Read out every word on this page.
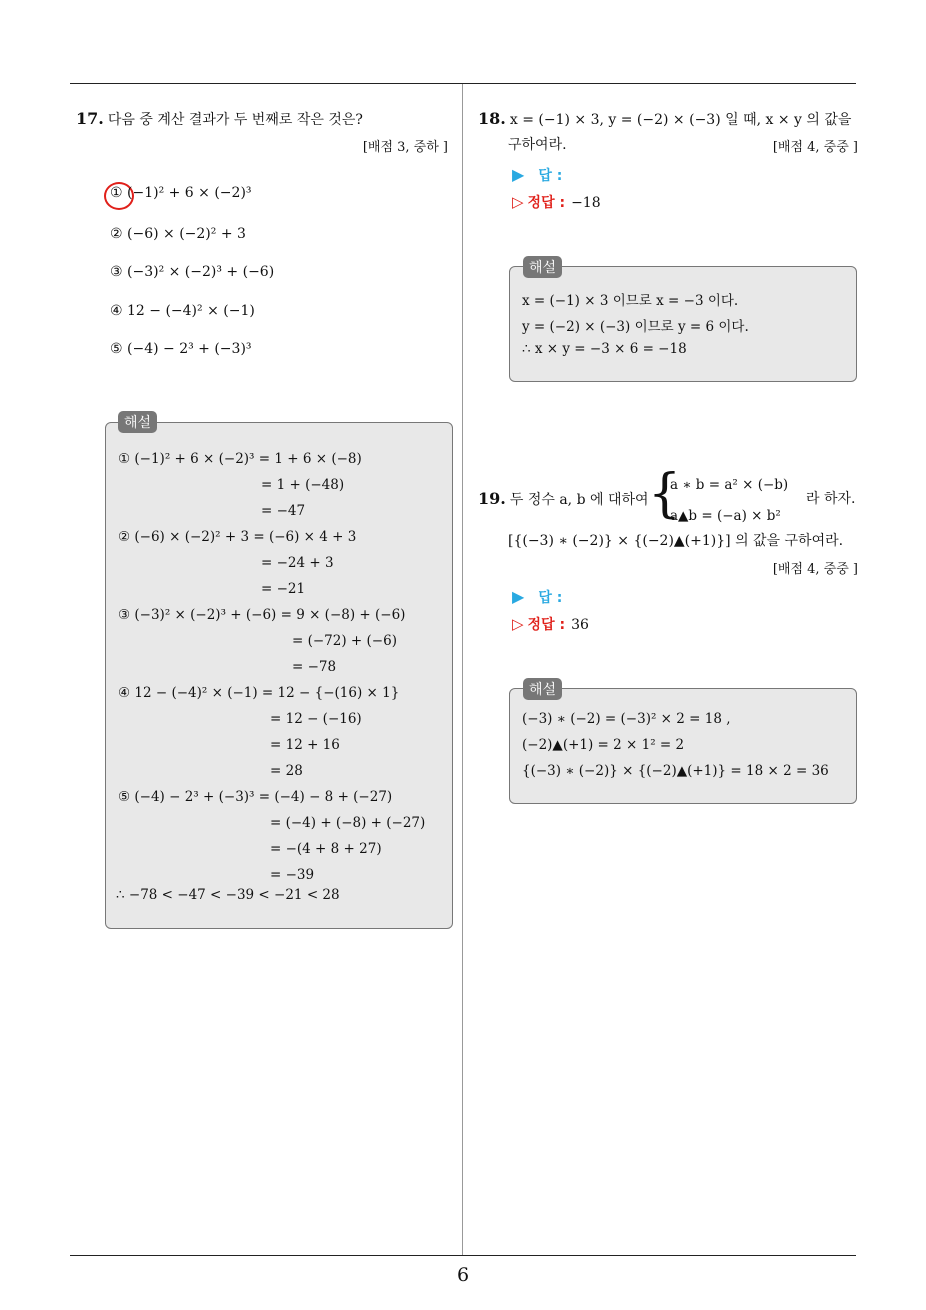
6
17. 다음 중 계산 결과가 두 번째로 작은 것은?
[배점 3, 중하 ]
① (−1)² + 6 × (−2)³
② (−6) × (−2)² + 3
③ (−3)² × (−2)³ + (−6)
④ 12 − (−4)² × (−1)
⑤ (−4) − 2³ + (−3)³
① (−1)² + 6 × (−2)³ = 1 + 6 × (−8)
= 1 + (−48)
= −47
② (−6) × (−2)² + 3 = (−6) × 4 + 3
= −24 + 3
= −21
③ (−3)² × (−2)³ + (−6) = 9 × (−8) + (−6)
= (−72) + (−6)
= −78
④ 12 − (−4)² × (−1) = 12 − {−(16) × 1}
= 12 − (−16)
= 12 + 16
= 28
⑤ (−4) − 2³ + (−3)³ = (−4) − 8 + (−27)
= (−4) + (−8) + (−27)
= −(4 + 8 + 27)
= −39
∴ −78 < −47 < −39 < −21 < 28
해설
18. x = (−1) × 3, y = (−2) × (−3) 일 때, x × y 의 값을
구하여라.	[배점 4, 중중 ]
▶ 답 :
▷ 정답 : −18
x = (−1) × 3 이므로 x = −3 이다.
y = (−2) × (−3) 이므로 y = 6 이다.
∴ x × y = −3 × 6 = −18
해설
19. 두 정수 a, b 에 대하여 {
a ∗ b = a² × (−b)
a▲b = (−a) × b²
라 하자.
[{(−3) ∗ (−2)} × {(−2)▲(+1)}] 의 값을 구하여라.
[배점 4, 중중 ]
▶ 답 :
▷ 정답 : 36
(−3) ∗ (−2) = (−3)² × 2 = 18 ,
(−2)▲(+1) = 2 × 1² = 2
{(−3) ∗ (−2)} × {(−2)▲(+1)} = 18 × 2 = 36
해설
